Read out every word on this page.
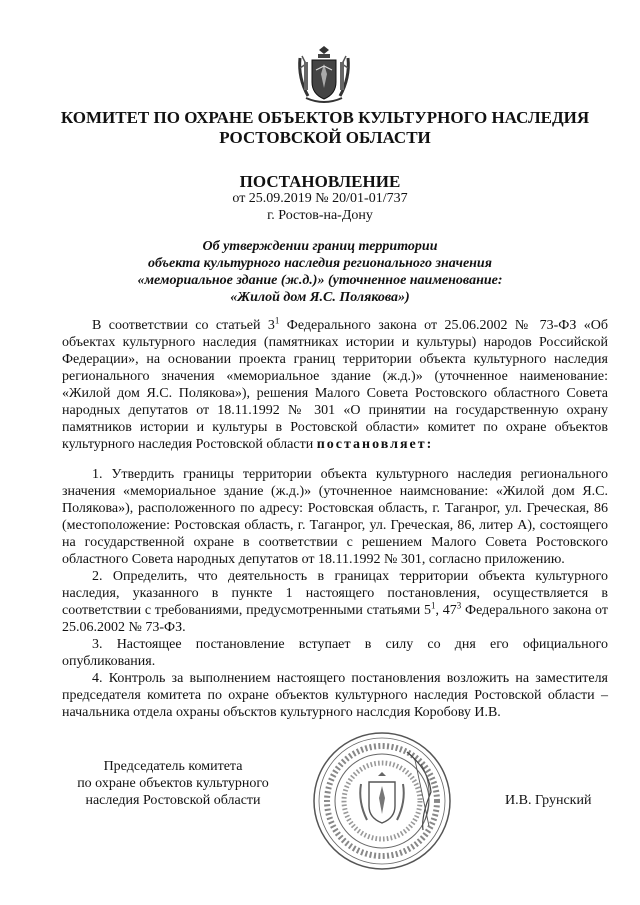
КОМИТЕТ ПО ОХРАНЕ ОБЪЕКТОВ КУЛЬТУРНОГО НАСЛЕДИЯ
РОСТОВСКОЙ ОБЛАСТИ
ПОСТАНОВЛЕНИЕ
от 25.09.2019 № 20/01-01/737
г. Ростов-на-Дону
Об утверждении границ территории
объекта культурного наследия регионального значения
«мемориальное здание (ж.д.)» (уточненное наименование:
«Жилой дом Я.С. Полякова»)

В соответствии со статьей $3^1$ Федерального закона от 25.06.2002 № 73-ФЗ «Об объектах культурного наследия (памятниках истории и культуры) народов Российской Федерации», на основании проекта границ территории объекта культурного наследия регионального значения «мемориальное здание (ж.д.)» (уточненное наименование: «Жилой дом Я.С. Полякова»), решения Малого Совета Ростовского областного Совета народных депутатов от 18.11.1992 № 301 «О принятии на государственную охрану памятников истории и культуры в Ростовской области» комитет по охране объектов культурного наследия Ростовской области постановляет:

1. Утвердить границы территории объекта культурного наследия регионального значения «мемориальное здание (ж.д.)» (уточненное наимснование: «Жилой дом Я.С. Полякова»), расположенного по адресу: Ростовская область, г. Таганрог, ул. Греческая, 86 (местоположение: Ростовская область, г. Таганрог, ул. Греческая, 86, литер А), состоящего на государственной охране в соответствии с решением Малого Совета Ростовского областного Совета народных депутатов от 18.11.1992 № 301, согласно приложению.

2. Определить, что деятельность в границах территории объекта культурного наследия, указанного в пункте 1 настоящего постановления, осуществляется в соответствии с требованиями, предусмотренными статьями $5^1$, $47^3$ Федерального закона от 25.06.2002 № 73-ФЗ.

3. Настоящее постановление вступает в силу со дня его официального опубликования.

4. Контроль за выполнением настоящего постановления возложить на заместителя председателя комитета по охране объектов культурного наследия Ростовской области – начальника отдела охраны объсктов культурного наслсдия Коробову И.В.

Председатель комитета
по охране объектов культурного
наследия Ростовской области	И.В. Грунский
